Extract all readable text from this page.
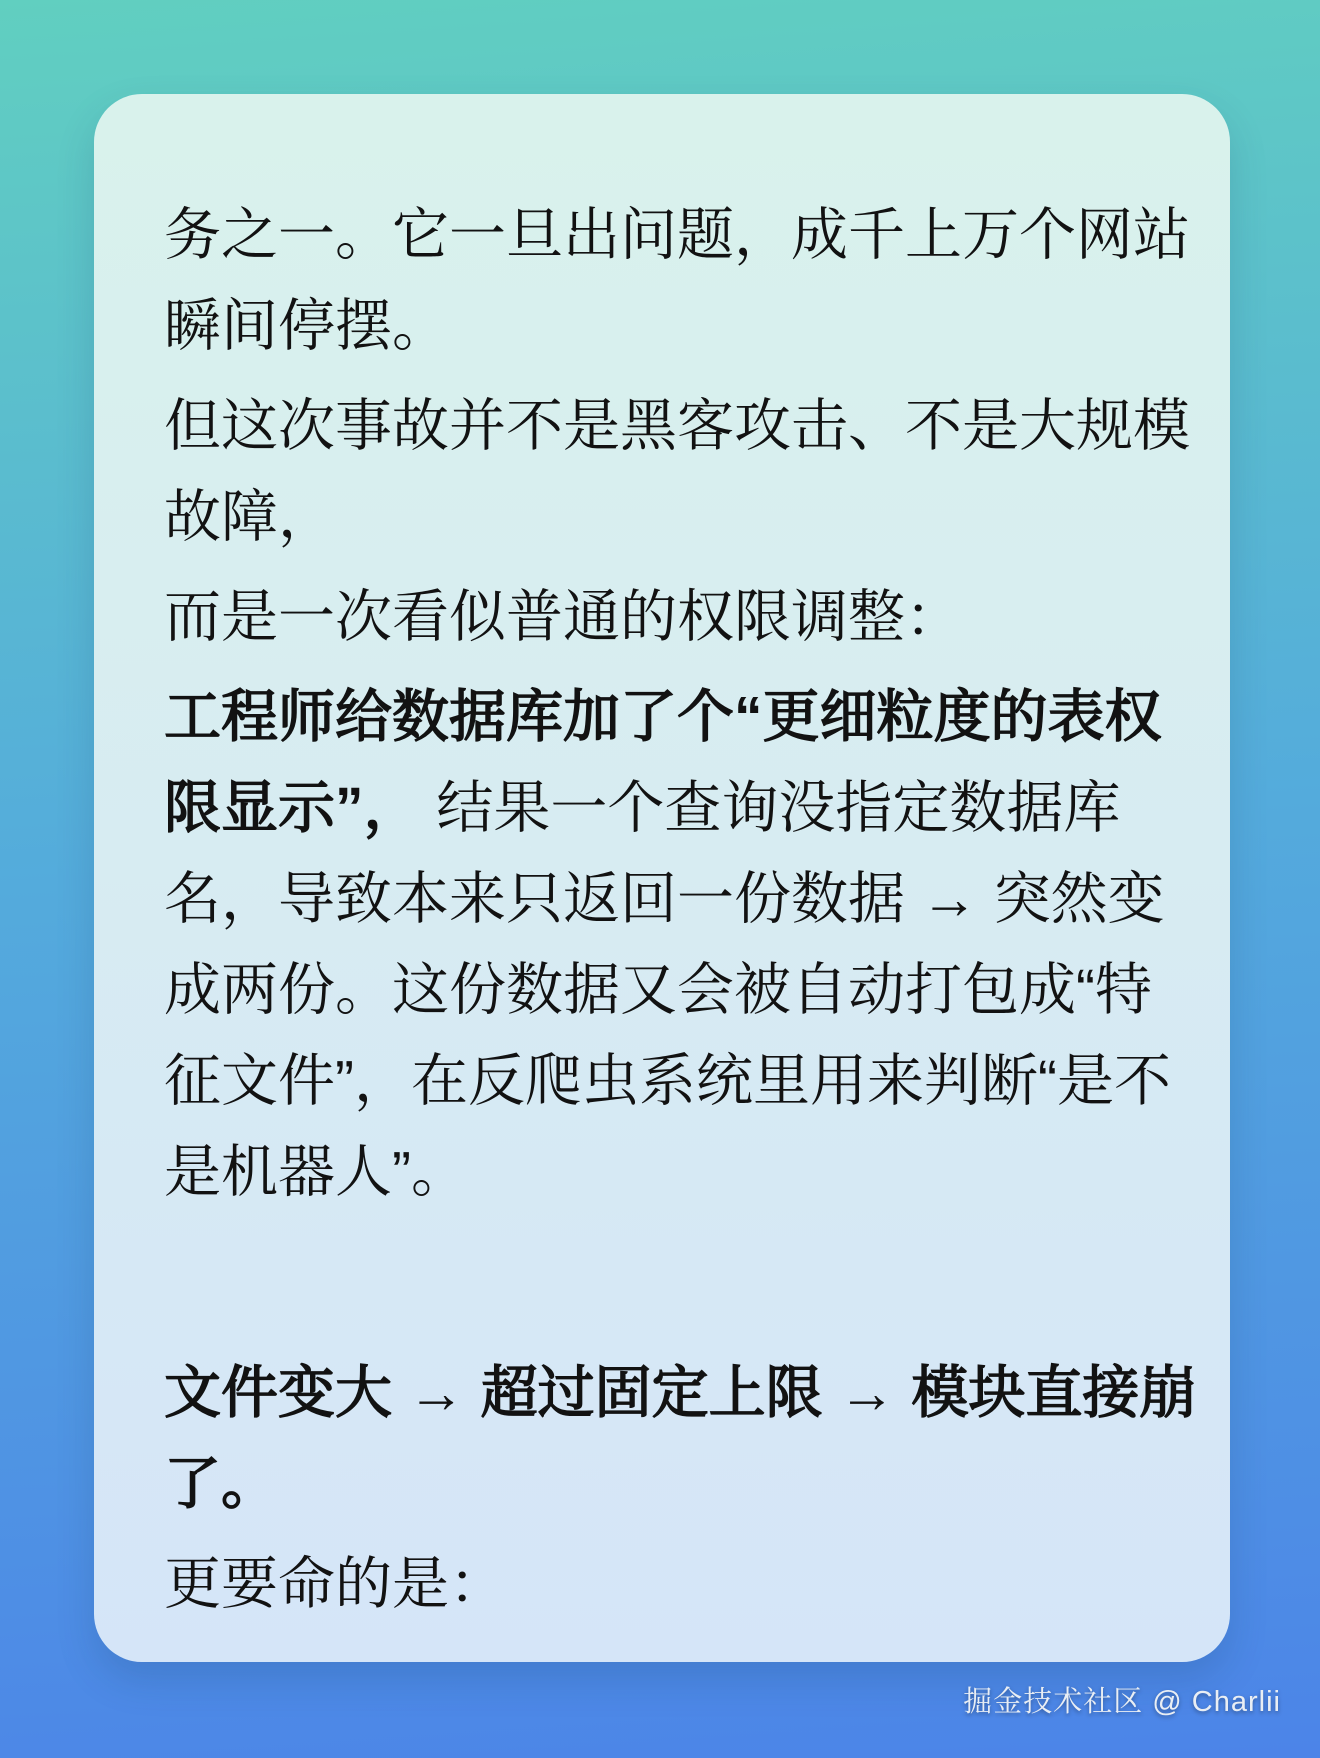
务之一。它一旦出问题，成千上万个网站瞬间停摆。

但这次事故并不是黑客攻击、不是大规模故障，

而是一次看似普通的权限调整：

工程师给数据库加了个“更细粒度的表权限显示”， 结果一个查询没指定数据库名，导致本来只返回一份数据 → 突然变成两份。这份数据又会被自动打包成“特征文件”，在反爬虫系统里用来判断“是不是机器人”。

文件变大 → 超过固定上限 → 模块直接崩了。

更要命的是：

掘金技术社区 @ Charlii
